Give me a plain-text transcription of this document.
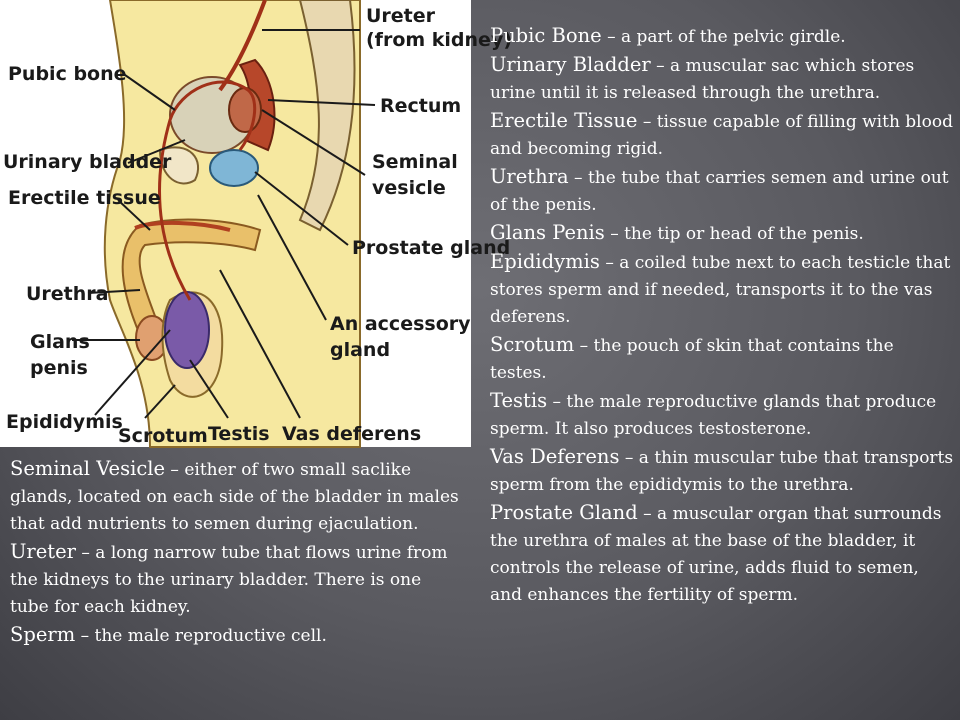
Ureter
(from kidney)
Pubic bone
Rectum
Urinary bladder	Seminal
vesicle
Erectile tissue
Prostate gland
Urethra
An accessory
gland
Glans
penis
Epididymis
Scrotum Testis Vas deferens

Pubic Bone – a part of the pelvic girdle.

Urinary Bladder – a muscular sac which stores urine until it is released through the urethra.

Erectile Tissue – tissue capable of filling with blood and becoming rigid.

Urethra – the tube that carries semen and urine out of the penis.

Glans Penis – the tip or head of the penis.

Epididymis – a coiled tube next to each testicle that stores sperm and if needed, transports it to the vas deferens.

Scrotum – the pouch of skin that contains the testes.

Testis – the male reproductive glands that produce sperm. It also produces testosterone.

Vas Deferens – a thin muscular tube that transports sperm from the epididymis to the urethra.

Prostate Gland – a muscular organ that surrounds the urethra of males at the base of the bladder, it controls the release of urine, adds fluid to semen, and enhances the fertility of sperm.

Seminal Vesicle – either of two small saclike glands, located on each side of the bladder in males that add nutrients to semen during ejaculation.

Ureter – a long narrow tube that flows urine from the kidneys to the urinary bladder. There is one tube for each kidney.

Sperm – the male reproductive cell.
